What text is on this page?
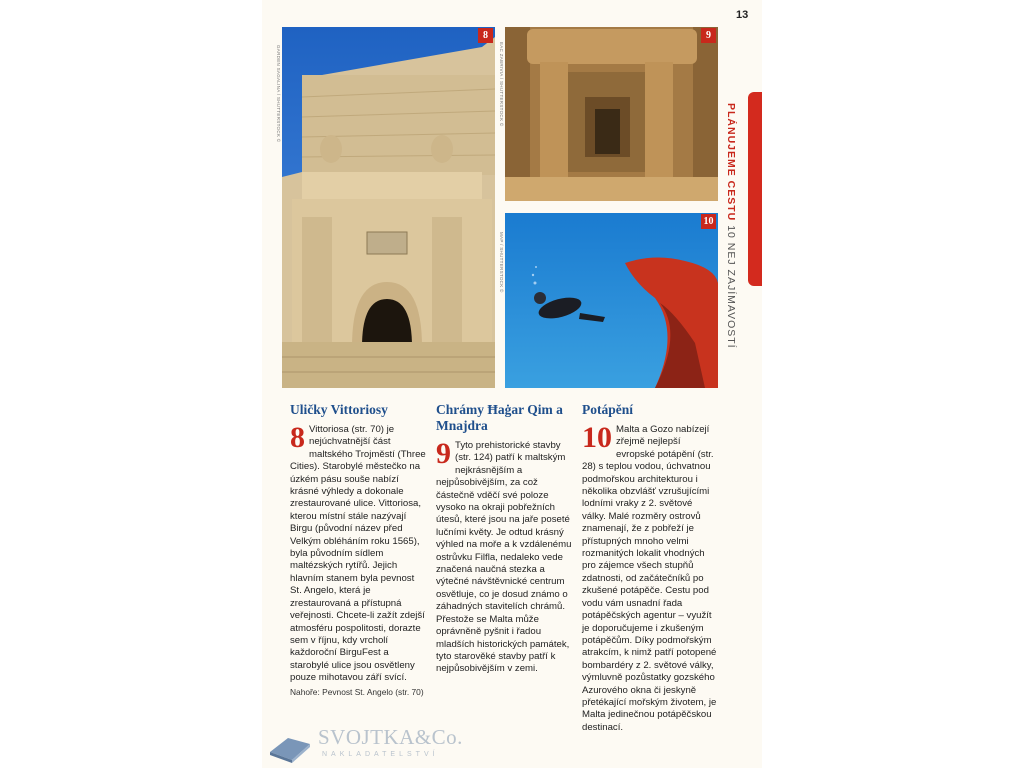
13
PLÁNUJEME CESTU 10 NEJ ZAJÍMAVOSTÍ
8
GARDEN SAGALINA / SHUTTERSTOCK ©
9
EAC ZABRIVIA / SHUTTERSTOCK ©
10
MAP / SHUTTERSTOCK ©
Uličky Vittoriosy

8 Vittoriosa (str. 70) je nejúchvatnější část maltského Trojměstí (Three Cities). Starobylé městečko na úzkém pásu souše nabízí krásné výhledy a dokonale zrestaurované ulice. Vittoriosa, kterou místní stále nazývají Birgu (původní název před Velkým obléháním roku 1565), byla původním sídlem maltézských rytířů. Jejich hlavním stanem byla pevnost St. Angelo, která je zrestaurovaná a přístupná veřejnosti. Chcete-li zažít zdejší atmosféru pospolitosti, dorazte sem v říjnu, kdy vrcholí každoroční BirguFest a starobylé ulice jsou osvětleny pouze mihotavou září svící.

Nahoře: Pevnost St. Angelo (str. 70)
Chrámy Ħaġar Qim a Mnajdra

9 Tyto prehistorické stavby (str. 124) patří k maltským nejkrásnějším a nejpůsobivějším, za což částečně vděčí své poloze vysoko na okraji pobřežních útesů, které jsou na jaře poseté lučními květy. Je odtud krásný výhled na moře a k vzdálenému ostrůvku Filfla, nedaleko vede značená naučná stezka a výtečné návštěvnické centrum osvětluje, co je dosud známo o záhadných stavitelích chrámů. Přestože se Malta může oprávněně pyšnit i řadou mladších historických památek, tyto starověké stavby patří k nejpůsobivějším v zemi.

Potápění

10 Malta a Gozo nabízejí zřejmě nejlepší evropské potápění (str. 28) s teplou vodou, úchvatnou podmořskou architekturou i několika obzvlášť vzrušujícími lodními vraky z 2. světové války. Malé rozměry ostrovů znamenají, že z pobřeží je přístupných mnoho velmi rozmanitých lokalit vhodných pro zájemce všech stupňů zdatnosti, od začátečníků po zkušené potápěče. Cestu pod vodu vám usnadní řada potápěčských agentur – využít je doporučujeme i zkušeným potápěčům. Díky podmořským atrakcím, k nimž patří potopené bombardéry z 2. světové války, výmluvně pozůstatky gozského Azurového okna či jeskyně přetékající mořským životem, je Malta jedinečnou potápěčskou destinací.

SVOJTKA&Co.
NAKLADATELSTVÍ
